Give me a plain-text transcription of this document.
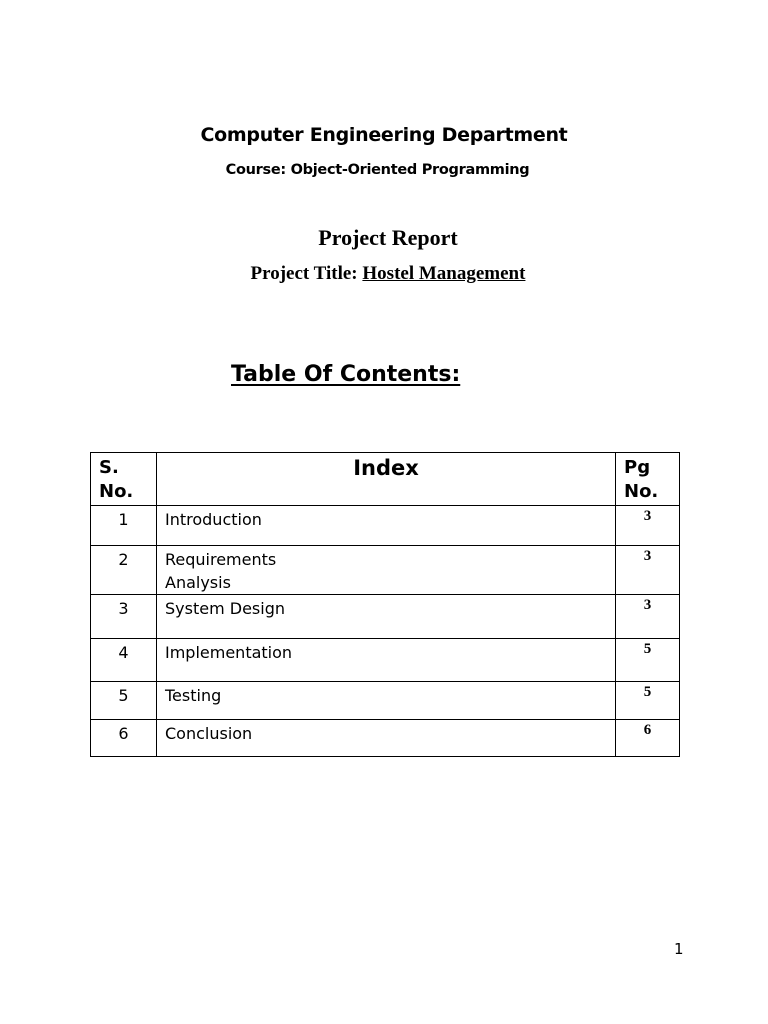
Computer Engineering Department
Course: Object-Oriented Programming
Project Report
Project Title: Hostel Management
Table Of Contents:
S. No.	Index	Pg No.
1	Introduction	3
2	Requirements Analysis	3
3	System Design	3
4	Implementation	5
5	Testing	5
6	Conclusion	6
1
